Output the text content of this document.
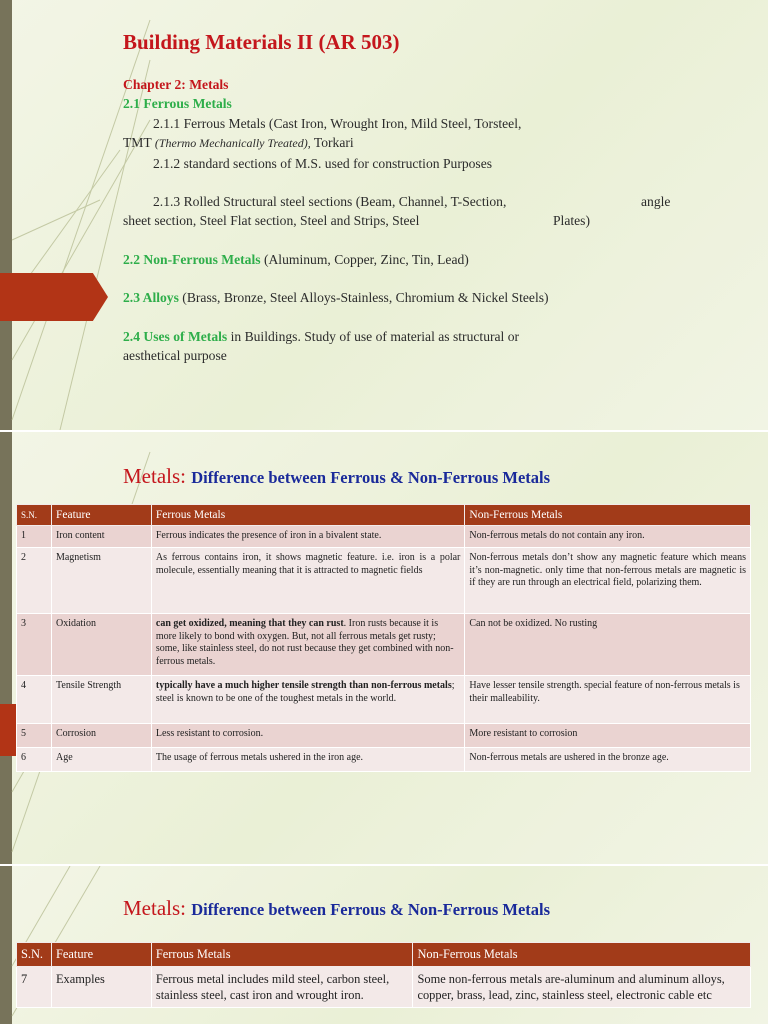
Building Materials II (AR 503)
Chapter 2: Metals
2.1 Ferrous Metals
2.1.1 Ferrous Metals (Cast Iron, Wrought Iron, Mild Steel, Torsteel,
TMT (Thermo Mechanically Treated), Torkari
2.1.2 standard sections of M.S. used for construction Purposes
2.1.3 Rolled Structural steel sections (Beam, Channel, T-Section,	angle
sheet section, Steel Flat section, Steel and Strips, Steel	Plates)
2.2 Non-Ferrous Metals (Aluminum, Copper, Zinc, Tin, Lead)
2.3 Alloys (Brass, Bronze, Steel Alloys-Stainless, Chromium & Nickel Steels)
2.4 Uses of Metals in Buildings. Study of use of material as structural or
aesthetical purpose
Metals: Difference between Ferrous & Non-Ferrous Metals
S.N.	Feature	Ferrous Metals	Non-Ferrous Metals
1	Iron content	Ferrous indicates the presence of iron in a bivalent state.	Non-ferrous metals do not contain any iron.
2	Magnetism	As ferrous contains iron, it shows magnetic feature. i.e. iron is a polar molecule, essentially meaning that it is attracted to magnetic fields	Non-ferrous metals don’t show any magnetic feature which means it’s non-magnetic. only time that non-ferrous metals are magnetic is if they are run through an electrical field, polarizing them.
3	Oxidation	can get oxidized, meaning that they can rust. Iron rusts because it is more likely to bond with oxygen. But, not all ferrous metals get rusty; some, like stainless steel, do not rust because they get combined with non-ferrous metals.	Can not be oxidized. No rusting
4	Tensile Strength	typically have a much higher tensile strength than non-ferrous metals; steel is known to be one of the toughest metals in the world.	Have lesser tensile strength. special feature of non-ferrous metals is their malleability.
5	Corrosion	Less resistant to corrosion.	More resistant to corrosion
6	Age	The usage of ferrous metals ushered in the iron age.	Non-ferrous metals are ushered in the bronze age.
Metals: Difference between Ferrous & Non-Ferrous Metals
S.N.	Feature	Ferrous Metals	Non-Ferrous Metals
7	Examples	Ferrous metal includes mild steel, carbon steel, stainless steel, cast iron and wrought iron.	Some non-ferrous metals are-aluminum and aluminum alloys, copper, brass, lead, zinc, stainless steel, electronic cable etc
